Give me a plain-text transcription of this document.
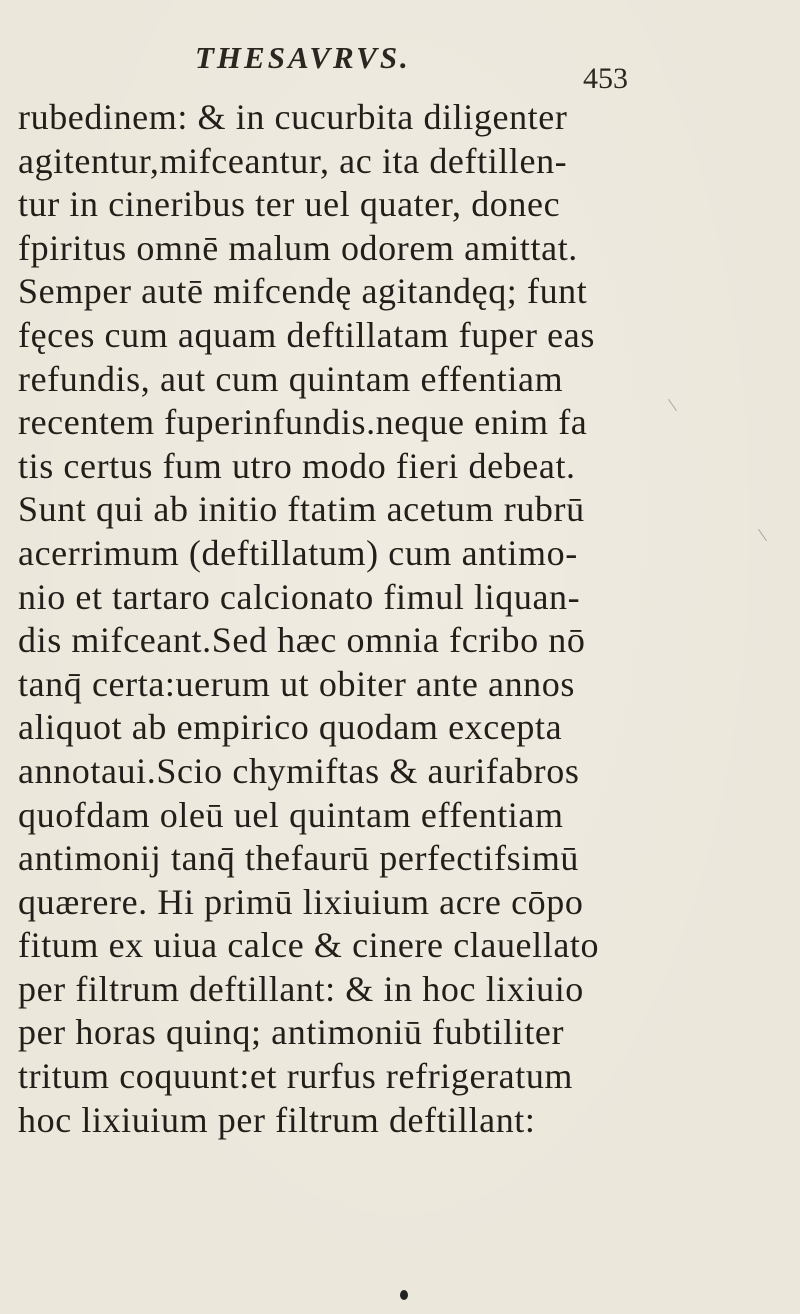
THESAVRVS.
453
rubedinem: & in cucurbita diligenter
agitentur,mifceantur, ac ita deftillen-
tur in cineribus ter uel quater, donec
fpiritus omnē malum odorem amittat.
Semper autē mifcendę agitandęq; funt
fęces cum aquam deftillatam fuper eas
refundis, aut cum quintam effentiam
recentem fuperinfundis.neque enim fa
tis certus fum utro modo fieri debeat.
Sunt qui ab initio ftatim acetum rubrū
acerrimum (deftillatum) cum antimo-
nio et tartaro calcionato fimul liquan-
dis mifceant.Sed hæc omnia fcribo nō
tanq̄ certa:uerum ut obiter ante annos
aliquot ab empirico quodam excepta
annotaui.Scio chymiftas & aurifabros
quofdam oleū uel quintam effentiam
antimonij tanq̄ thefaurū perfectifsimū
quærere. Hi primū lixiuium acre cōpo
fitum ex uiua calce & cinere clauellato
per filtrum deftillant: & in hoc lixiuio
per horas quinq; antimoniū fubtiliter
tritum coquunt:et rurfus refrigeratum
hoc lixiuium per filtrum deftillant:
